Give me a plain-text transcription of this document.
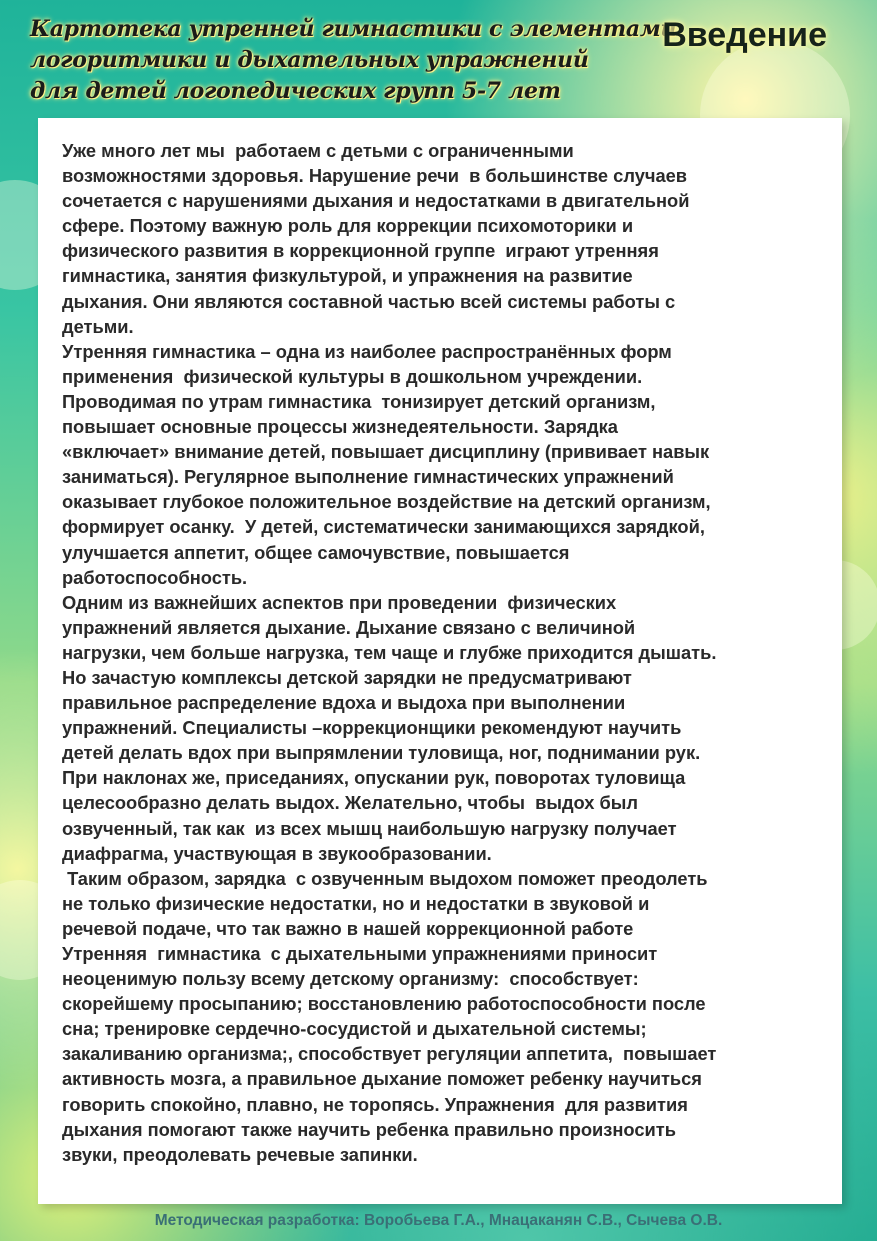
Картотека утренней гимнастики с элементами
логоритмики и дыхательных упражнений
для детей логопедических групп 5-7 лет
Введение
Уже много лет мы  работаем с детьми с ограниченными
возможностями здоровья. Нарушение речи  в большинстве случаев
сочетается с нарушениями дыхания и недостатками в двигательной
сфере. Поэтому важную роль для коррекции психомоторики и
физического развития в коррекционной группе  играют утренняя
гимнастика, занятия физкультурой, и упражнения на развитие
дыхания. Они являются составной частью всей системы работы с
детьми.
Утренняя гимнастика – одна из наиболее распространённых форм
применения  физической культуры в дошкольном учреждении.
Проводимая по утрам гимнастика  тонизирует детский организм,
повышает основные процессы жизнедеятельности. Зарядка
«включает» внимание детей, повышает дисциплину (прививает навык
заниматься). Регулярное выполнение гимнастических упражнений
оказывает глубокое положительное воздействие на детский организм,
формирует осанку.  У детей, систематически занимающихся зарядкой,
улучшается аппетит, общее самочувствие, повышается
работоспособность.
Одним из важнейших аспектов при проведении  физических
упражнений является дыхание. Дыхание связано с величиной
нагрузки, чем больше нагрузка, тем чаще и глубже приходится дышать.
Но зачастую комплексы детской зарядки не предусматривают
правильное распределение вдоха и выдоха при выполнении
упражнений. Специалисты –коррекционщики рекомендуют научить
детей делать вдох при выпрямлении туловища, ног, поднимании рук.
При наклонах же, приседаниях, опускании рук, поворотах туловища
целесообразно делать выдох. Желательно, чтобы  выдох был
озвученный, так как  из всех мышц наибольшую нагрузку получает
диафрагма, участвующая в звукообразовании.
Таким образом, зарядка  с озвученным выдохом поможет преодолеть
не только физические недостатки, но и недостатки в звуковой и
речевой подаче, что так важно в нашей коррекционной работе
Утренняя  гимнастика  с дыхательными упражнениями приносит
неоценимую пользу всему детскому организму:  способствует:
скорейшему просыпанию; восстановлению работоспособности после
сна; тренировке сердечно-сосудистой и дыхательной системы;
закаливанию организма;, способствует регуляции аппетита,  повышает
активность мозга, а правильное дыхание поможет ребенку научиться
говорить спокойно, плавно, не торопясь. Упражнения  для развития
дыхания помогают также научить ребенка правильно произносить
звуки, преодолевать речевые запинки.
Методическая разработка: Воробьева Г.А., Мнацаканян С.В., Сычева О.В.
